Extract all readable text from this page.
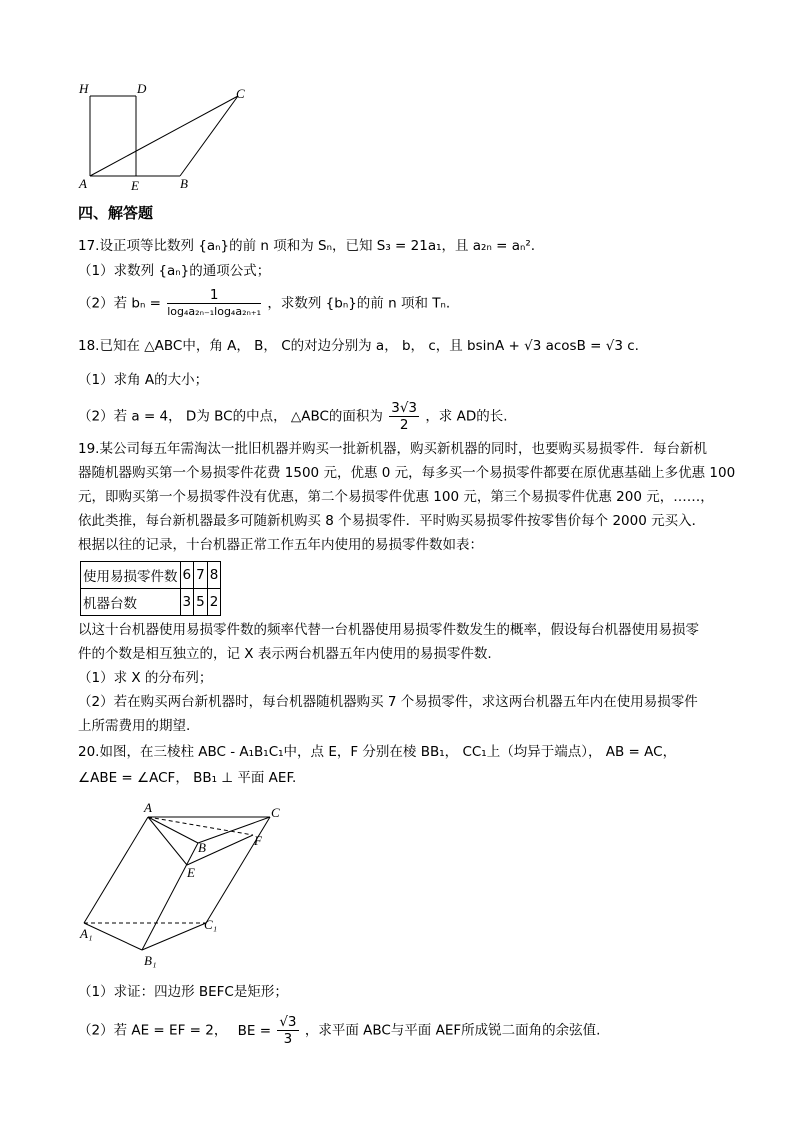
H	D	C
A	E	B
四、解答题
17.设正项等比数列 {aₙ}的前 n 项和为 Sₙ，已知 S₃ = 21a₁，且 a₂ₙ = aₙ².
（1）求数列 {aₙ}的通项公式；
（2）若 $b_n = \frac{1}{\text{log₄a₂ₙ₋₁log₄a₂ₙ₊₁}}$ ，求数列 {bₙ}的前 n 项和 Tₙ.
18.已知在 △ABC中，角 A， B， C的对边分别为 a， b， c，且 bsinA + √3 acosB = √3 c.
（1）求角 A的大小；
（2）若 a = 4， D为 BC的中点， △ABC的面积为 $\frac{3√3}{2}$ ，求 AD的长.
19.某公司每五年需淘汰一批旧机器并购买一批新机器，购买新机器的同时，也要购买易损零件．每台新机
器随机器购买第一个易损零件花费 1500 元，优惠 0 元，每多买一个易损零件都要在原优惠基础上多优惠 100
元，即购买第一个易损零件没有优惠，第二个易损零件优惠 100 元，第三个易损零件优惠 200 元，……，
依此类推，每台新机器最多可随新机购买 8 个易损零件．平时购买易损零件按零售价每个 2000 元买入．
根据以往的记录，十台机器正常工作五年内使用的易损零件数如表：
使用易损零件数	6	7	8
机器台数	3	5	2
以这十台机器使用易损零件数的频率代替一台机器使用易损零件数发生的概率，假设每台机器使用易损零
件的个数是相互独立的，记 X 表示两台机器五年内使用的易损零件数.
（1）求 X 的分布列；
（2）若在购买两台新机器时，每台机器随机器购买 7 个易损零件，求这两台机器五年内在使用易损零件
上所需费用的期望.
20.如图，在三棱柱 ABC - A₁B₁C₁中，点 E，F 分别在棱 BB₁， CC₁上（均异于端点）， AB = AC，
∠ABE = ∠ACF， BB₁ ⊥ 平面 AEF.
A	C
B	F
E
A₁
C₁
B₁
（1）求证：四边形 BEFC是矩形；
（2）若 AE = EF = 2， BE = $\frac{√3}{3}$ ，求平面 ABC与平面 AEF所成锐二面角的余弦值.
